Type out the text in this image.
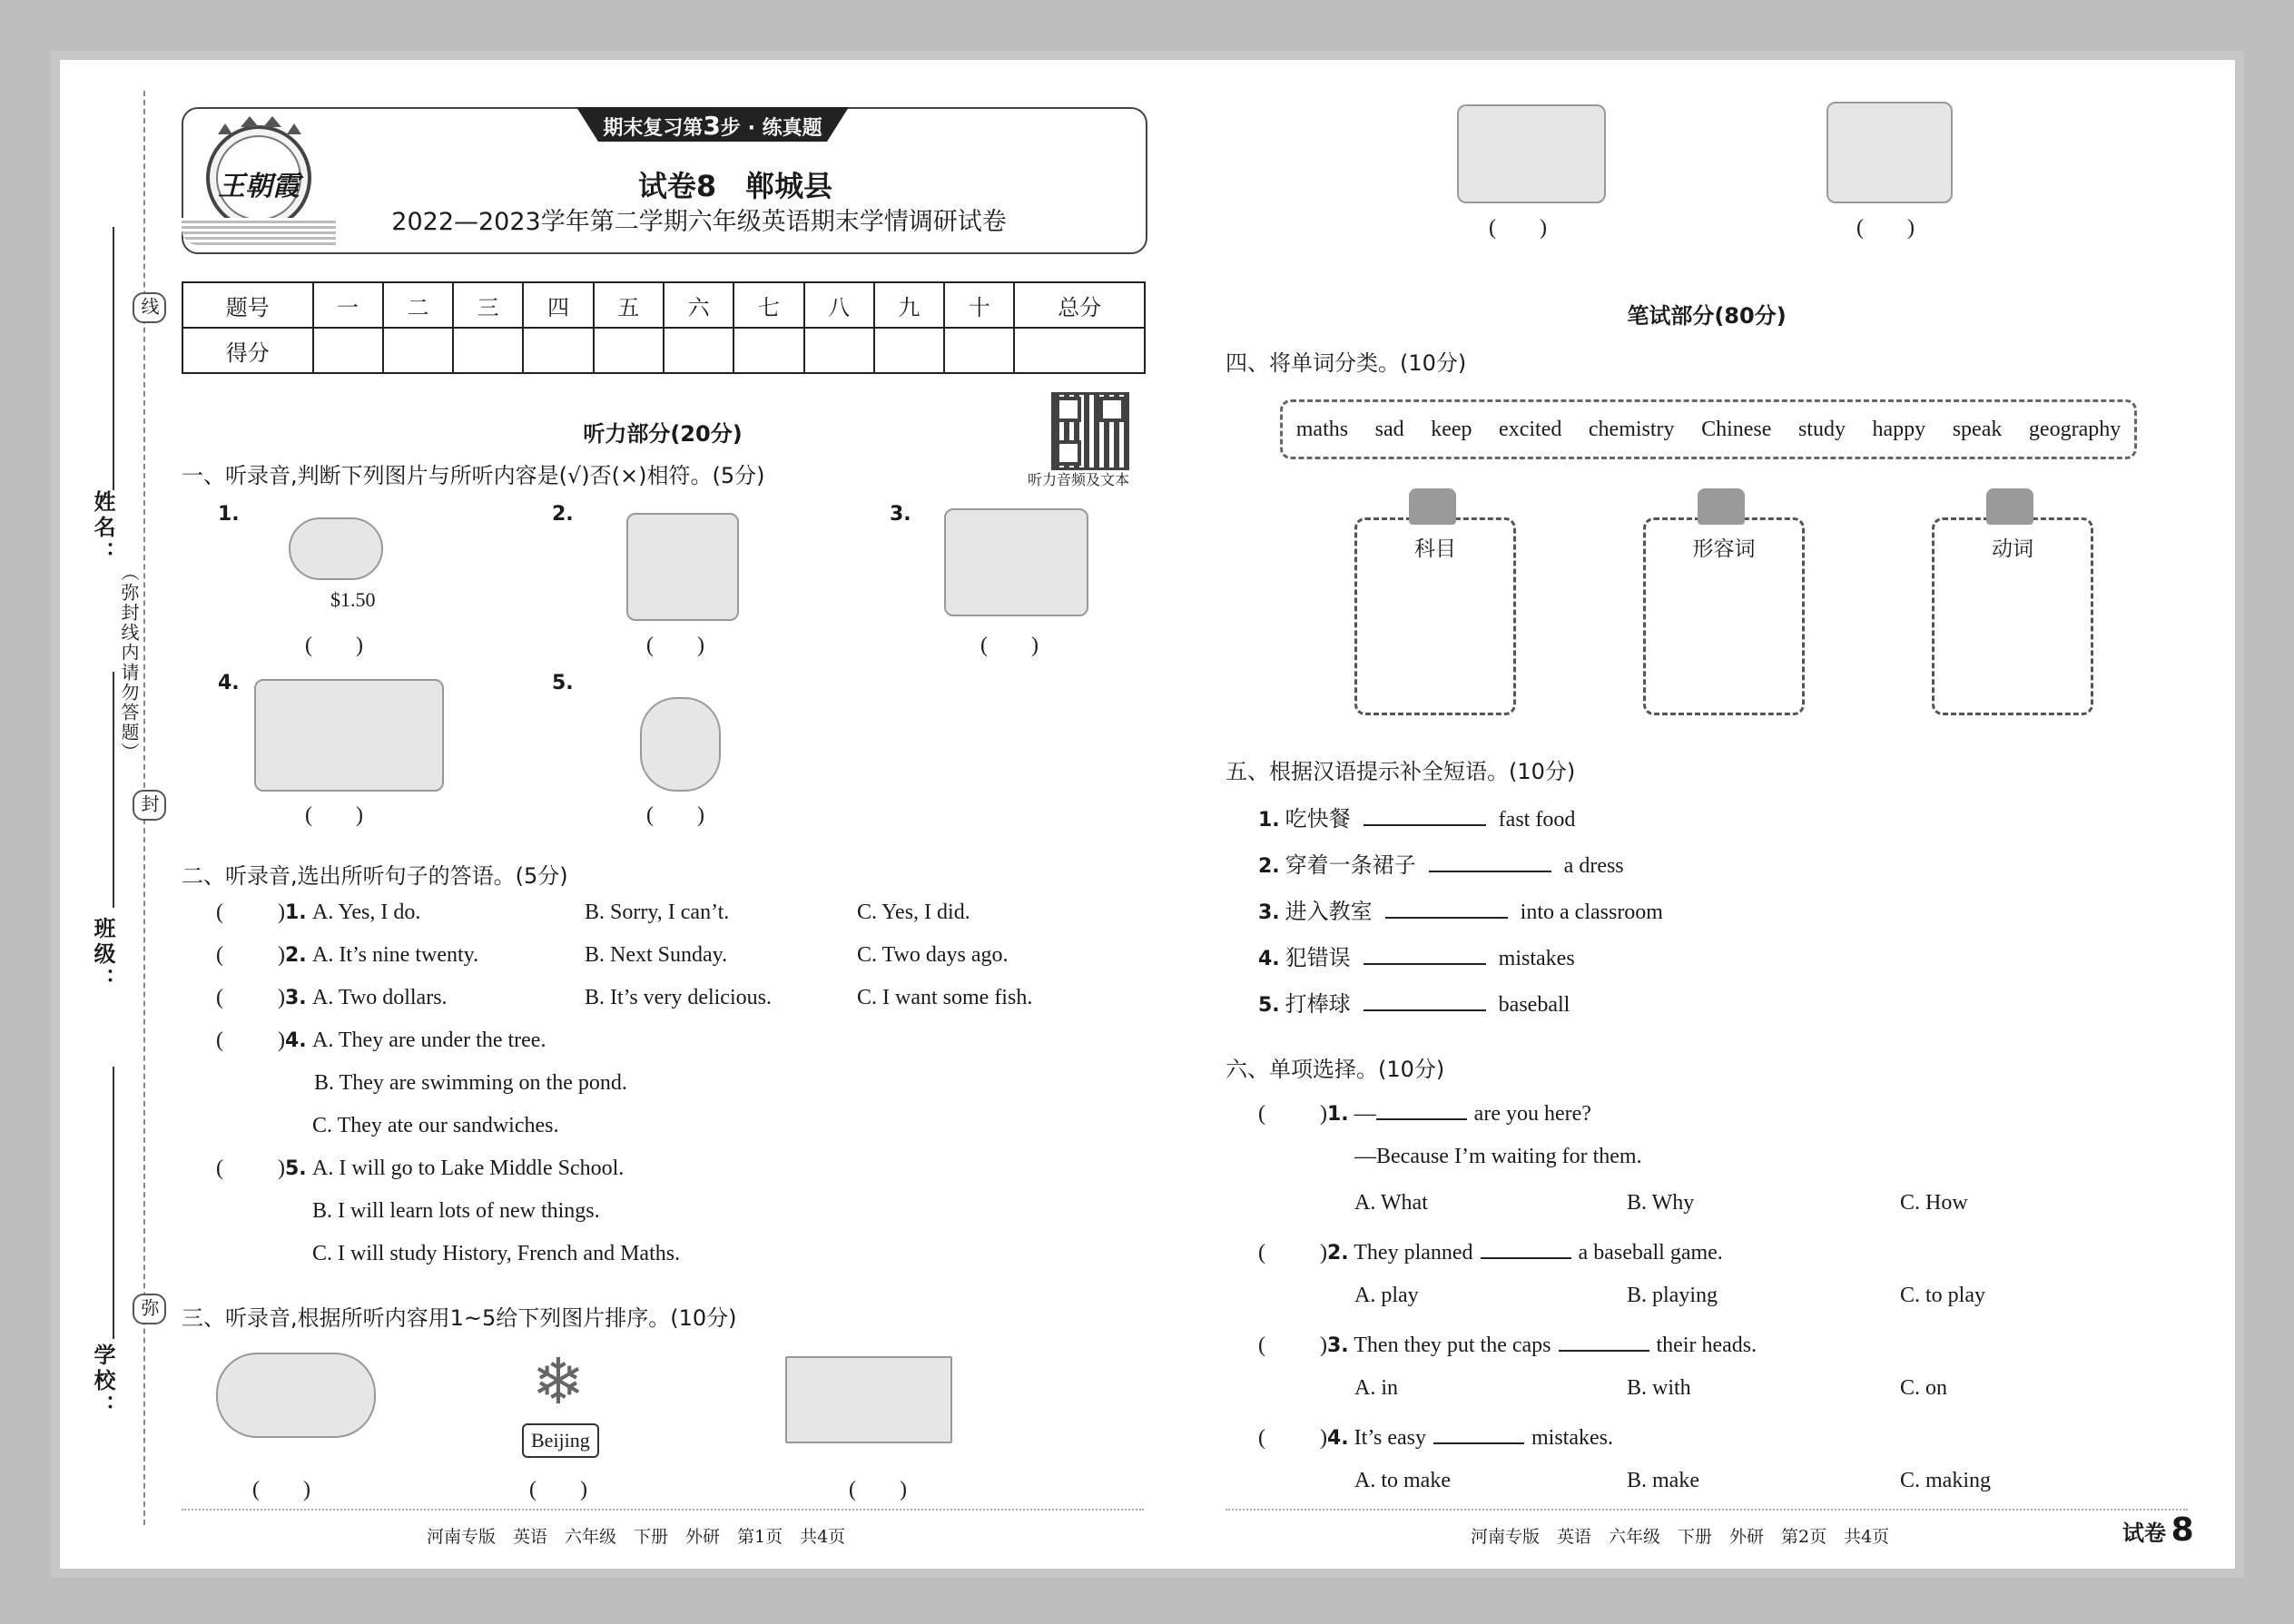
线
封
弥
（弥封线内请勿答题）
姓名：
班级：
学校：
期末复习第3步 · 练真题
王朝霞	试卷8　 郸城县
2022—2023学年第二学期六年级英语期末学情调研试卷
题号	一	二	三	四	五	六	七	八	九	十	总分
得分											
听力部分(20分)
听力音频及文本
一、听录音,判断下列图片与所听内容是(√)否(×)相符。(5分)
1.
$1.50
(　　)
2.
(　　)
3.
(　　)
4.
(　　)
5.
(　　)
二、听录音,选出所听句子的答语。(5分)
(	)1. A. Yes, I do.	B. Sorry, I can’t.	C. Yes, I did.
(	)2. A. It’s nine twenty.	B. Next Sunday.	C. Two days ago.
(	)3. A. Two dollars.	B. It’s very delicious.	C. I want some fish.
(	)4. A. They are under the tree.
B. They are swimming on the pond.
C. They ate our sandwiches.
(	)5. A. I will go to Lake Middle School.
B. I will learn lots of new things.
C. I will study History, French and Maths.
三、听录音,根据所听内容用1~5给下列图片排序。(10分)
(　　)
❄
Beijing
(　　)	(　　)
(　　)	(　　)
笔试部分(80分)
四、将单词分类。(10分)
maths sad keep excited chemistry Chinese study happy speak geography
科目	形容词	动词
五、根据汉语提示补全短语。(10分)
1. 吃快餐	fast food
2. 穿着一条裙子	a dress
3. 进入教室	into a classroom
4. 犯错误	mistakes
5. 打棒球	baseball
六、单项选择。(10分)
(	)1. —	are you here?
—Because I’m waiting for them.
A. What	B. Why	C. How
(	)2. They planned	a baseball game.
A. play	B. playing	C. to play
(	)3. Then they put the caps	their heads.
A. in	B. with	C. on
(	)4. It’s easy	mistakes.
A. to make	B. make	C. making
河南专版　英语　六年级　下册　外研　第1页　共4页	河南专版　英语　六年级　下册　外研　第2页　共4页	试卷 8
